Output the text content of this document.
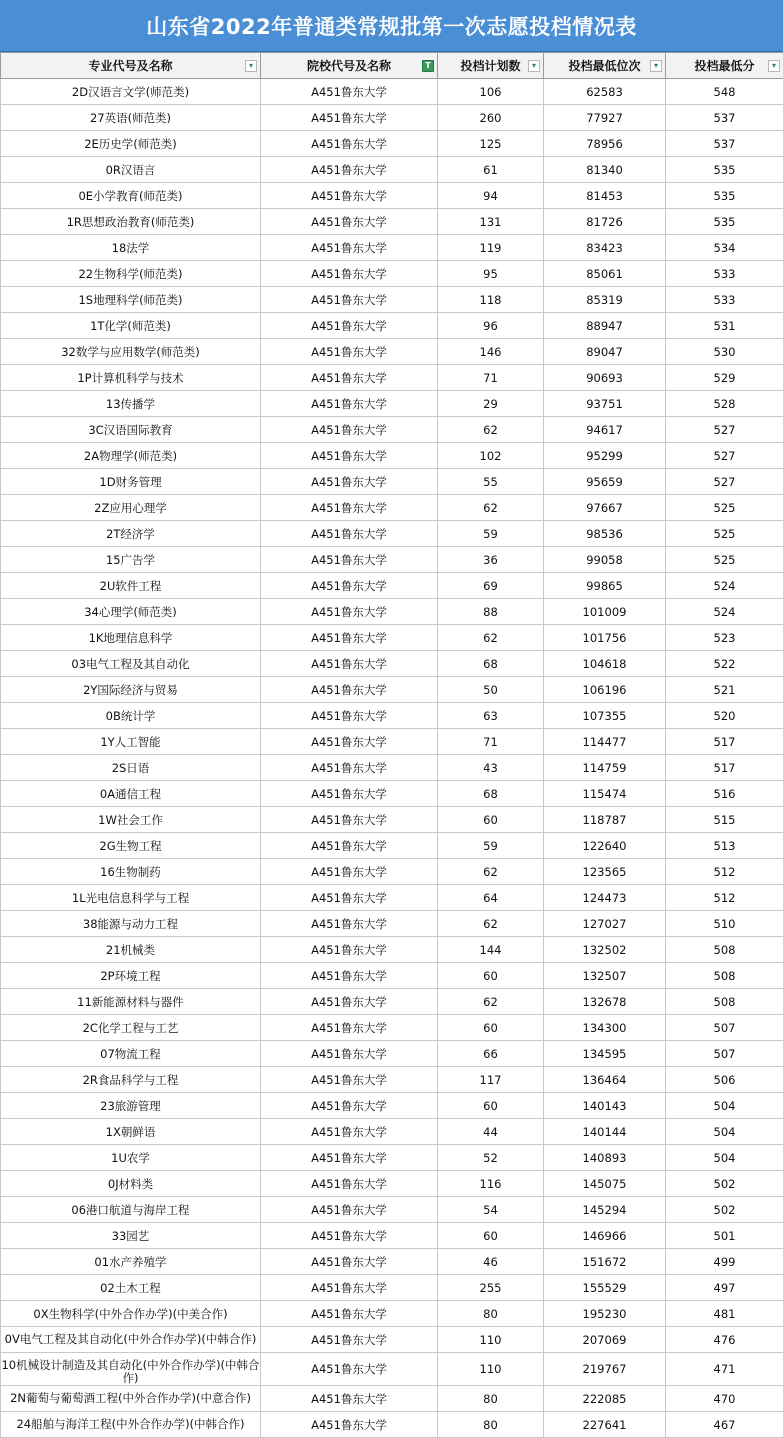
山东省2022年普通类常规批第一次志愿投档情况表
专业代号及名称 ▾	院校代号及名称 T	投档计划数 ▾	投档最低位次 ▾	投档最低分 ▾

2D汉语言文学(师范类)	A451鲁东大学	106	62583	548
27英语(师范类)	A451鲁东大学	260	77927	537
2E历史学(师范类)	A451鲁东大学	125	78956	537
0R汉语言	A451鲁东大学	61	81340	535
0E小学教育(师范类)	A451鲁东大学	94	81453	535
1R思想政治教育(师范类)	A451鲁东大学	131	81726	535
18法学	A451鲁东大学	119	83423	534
22生物科学(师范类)	A451鲁东大学	95	85061	533
1S地理科学(师范类)	A451鲁东大学	118	85319	533
1T化学(师范类)	A451鲁东大学	96	88947	531
32数学与应用数学(师范类)	A451鲁东大学	146	89047	530
1P计算机科学与技术	A451鲁东大学	71	90693	529
13传播学	A451鲁东大学	29	93751	528
3C汉语国际教育	A451鲁东大学	62	94617	527
2A物理学(师范类)	A451鲁东大学	102	95299	527
1D财务管理	A451鲁东大学	55	95659	527
2Z应用心理学	A451鲁东大学	62	97667	525
2T经济学	A451鲁东大学	59	98536	525
15广告学	A451鲁东大学	36	99058	525
2U软件工程	A451鲁东大学	69	99865	524
34心理学(师范类)	A451鲁东大学	88	101009	524
1K地理信息科学	A451鲁东大学	62	101756	523
03电气工程及其自动化	A451鲁东大学	68	104618	522
2Y国际经济与贸易	A451鲁东大学	50	106196	521
0B统计学	A451鲁东大学	63	107355	520
1Y人工智能	A451鲁东大学	71	114477	517
2S日语	A451鲁东大学	43	114759	517
0A通信工程	A451鲁东大学	68	115474	516
1W社会工作	A451鲁东大学	60	118787	515
2G生物工程	A451鲁东大学	59	122640	513
16生物制药	A451鲁东大学	62	123565	512
1L光电信息科学与工程	A451鲁东大学	64	124473	512
38能源与动力工程	A451鲁东大学	62	127027	510
21机械类	A451鲁东大学	144	132502	508
2P环境工程	A451鲁东大学	60	132507	508
11新能源材料与器件	A451鲁东大学	62	132678	508
2C化学工程与工艺	A451鲁东大学	60	134300	507
07物流工程	A451鲁东大学	66	134595	507
2R食品科学与工程	A451鲁东大学	117	136464	506
23旅游管理	A451鲁东大学	60	140143	504
1X朝鲜语	A451鲁东大学	44	140144	504
1U农学	A451鲁东大学	52	140893	504
0J材料类	A451鲁东大学	116	145075	502
06港口航道与海岸工程	A451鲁东大学	54	145294	502
33园艺	A451鲁东大学	60	146966	501
01水产养殖学	A451鲁东大学	46	151672	499
02土木工程	A451鲁东大学	255	155529	497
0X生物科学(中外合作办学)(中美合作)	A451鲁东大学	80	195230	481
0V电气工程及其自动化(中外合作办学)(中韩合作)	A451鲁东大学	110	207069	476
10机械设计制造及其自动化(中外合作办学)(中韩合作)	A451鲁东大学	110	219767	471
2N葡萄与葡萄酒工程(中外合作办学)(中意合作)	A451鲁东大学	80	222085	470
24船舶与海洋工程(中外合作办学)(中韩合作)	A451鲁东大学	80	227641	467
